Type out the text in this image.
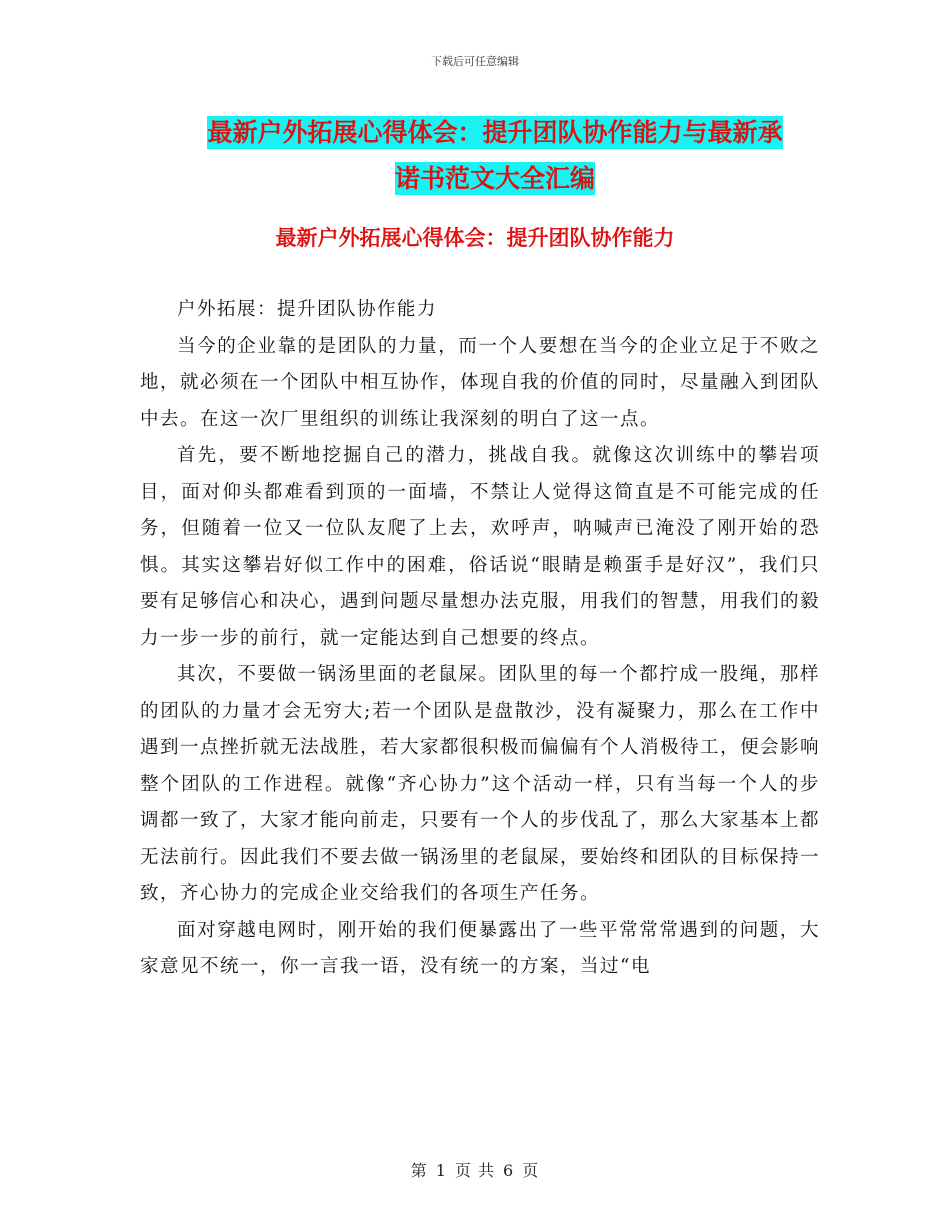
下载后可任意编辑
最新户外拓展心得体会：提升团队协作能力与最新承
诺书范文大全汇编
最新户外拓展心得体会：提升团队协作能力

户外拓展：提升团队协作能力

当今的企业靠的是团队的力量，而一个人要想在当今的企业立足于不败之地，就必须在一个团队中相互协作，体现自我的价值的同时，尽量融入到团队中去。在这一次厂里组织的训练让我深刻的明白了这一点。

首先，要不断地挖掘自己的潜力，挑战自我。就像这次训练中的攀岩项目，面对仰头都难看到顶的一面墙，不禁让人觉得这简直是不可能完成的任务，但随着一位又一位队友爬了上去，欢呼声，呐喊声已淹没了刚开始的恐惧。其实这攀岩好似工作中的困难，俗话说“眼睛是赖蛋手是好汉”，我们只要有足够信心和决心，遇到问题尽量想办法克服，用我们的智慧，用我们的毅力一步一步的前行，就一定能达到自己想要的终点。

其次，不要做一锅汤里面的老鼠屎。团队里的每一个都拧成一股绳，那样的团队的力量才会无穷大;若一个团队是盘散沙，没有凝聚力，那么在工作中遇到一点挫折就无法战胜，若大家都很积极而偏偏有个人消极待工，便会影响整个团队的工作进程。就像“齐心协力”这个活动一样，只有当每一个人的步调都一致了，大家才能向前走，只要有一个人的步伐乱了，那么大家基本上都无法前行。因此我们不要去做一锅汤里的老鼠屎，要始终和团队的目标保持一致，齐心协力的完成企业交给我们的各项生产任务。

面对穿越电网时，刚开始的我们便暴露出了一些平常常常遇到的问题，大家意见不统一，你一言我一语，没有统一的方案，当过“电

第 1 页 共 6 页
